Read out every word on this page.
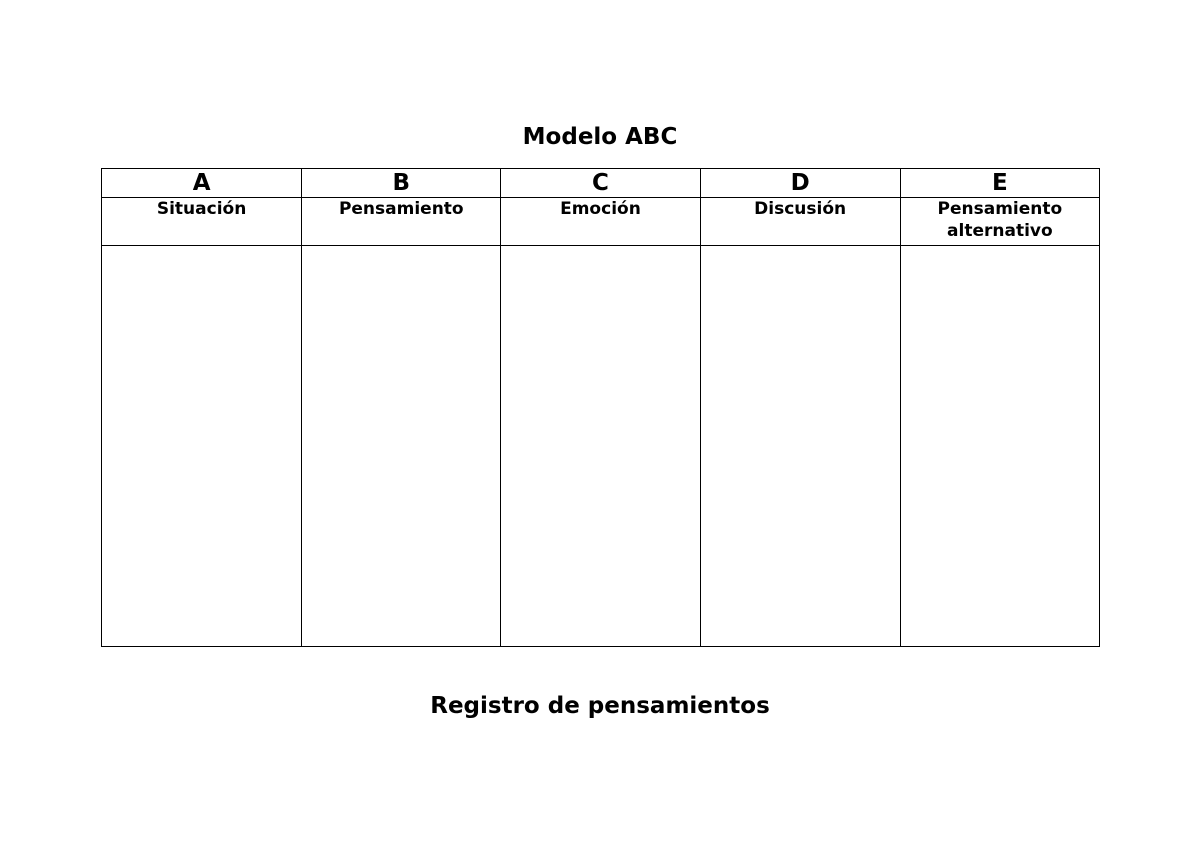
Modelo ABC
A	B	C	D	E

Situación	Pensamiento	Emoción	Discusión	Pensamiento alternativo

Registro de pensamientos
